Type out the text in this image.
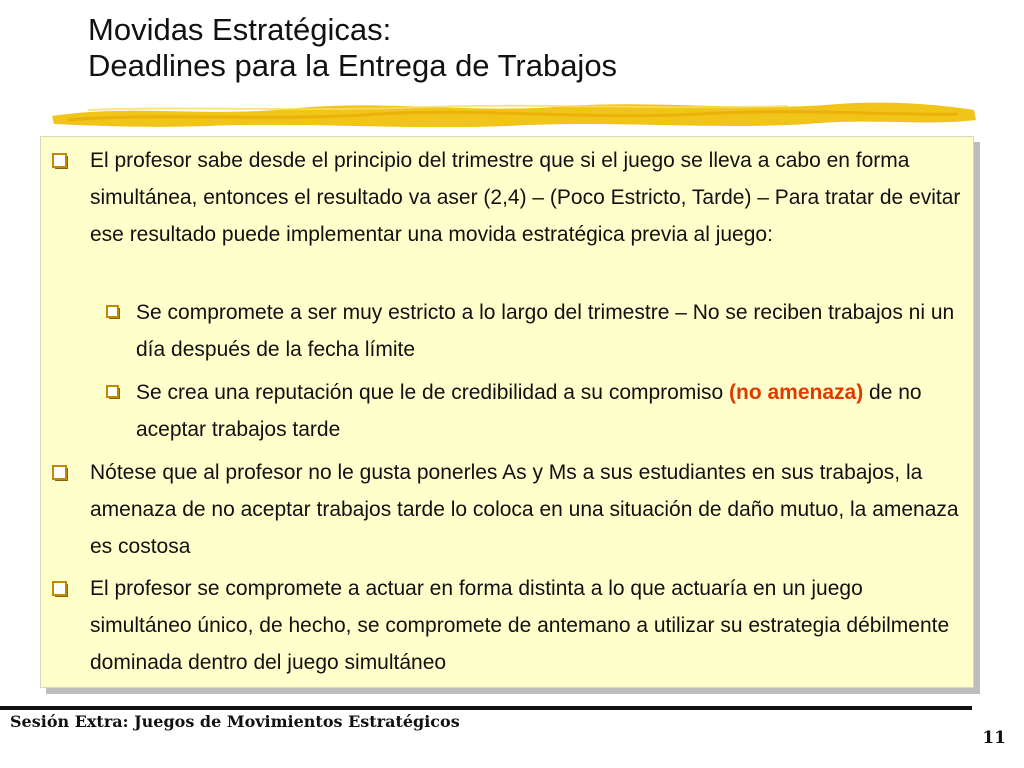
Movidas Estratégicas:
Deadlines para la Entrega de Trabajos
El profesor sabe desde el principio del trimestre que si el juego se lleva a cabo en forma simultánea, entonces el resultado va aser (2,4) – (Poco Estricto, Tarde) – Para tratar de evitar ese resultado puede implementar una movida estratégica previa al juego:
Se compromete a ser muy estricto a lo largo del trimestre – No se reciben trabajos ni un día después de la fecha límite
Se crea una reputación que le de credibilidad a su compromiso (no amenaza) de no aceptar trabajos tarde
Nótese que al profesor no le gusta ponerles As y Ms a sus estudiantes en sus trabajos, la amenaza de no aceptar trabajos tarde lo coloca en una situación de daño mutuo, la amenaza es costosa
El profesor se compromete a actuar en forma distinta a lo que actuaría en un juego simultáneo único, de hecho, se compromete de antemano a utilizar su estrategia débilmente dominada dentro del juego simultáneo
Sesión Extra: Juegos de Movimientos Estratégicos
11
